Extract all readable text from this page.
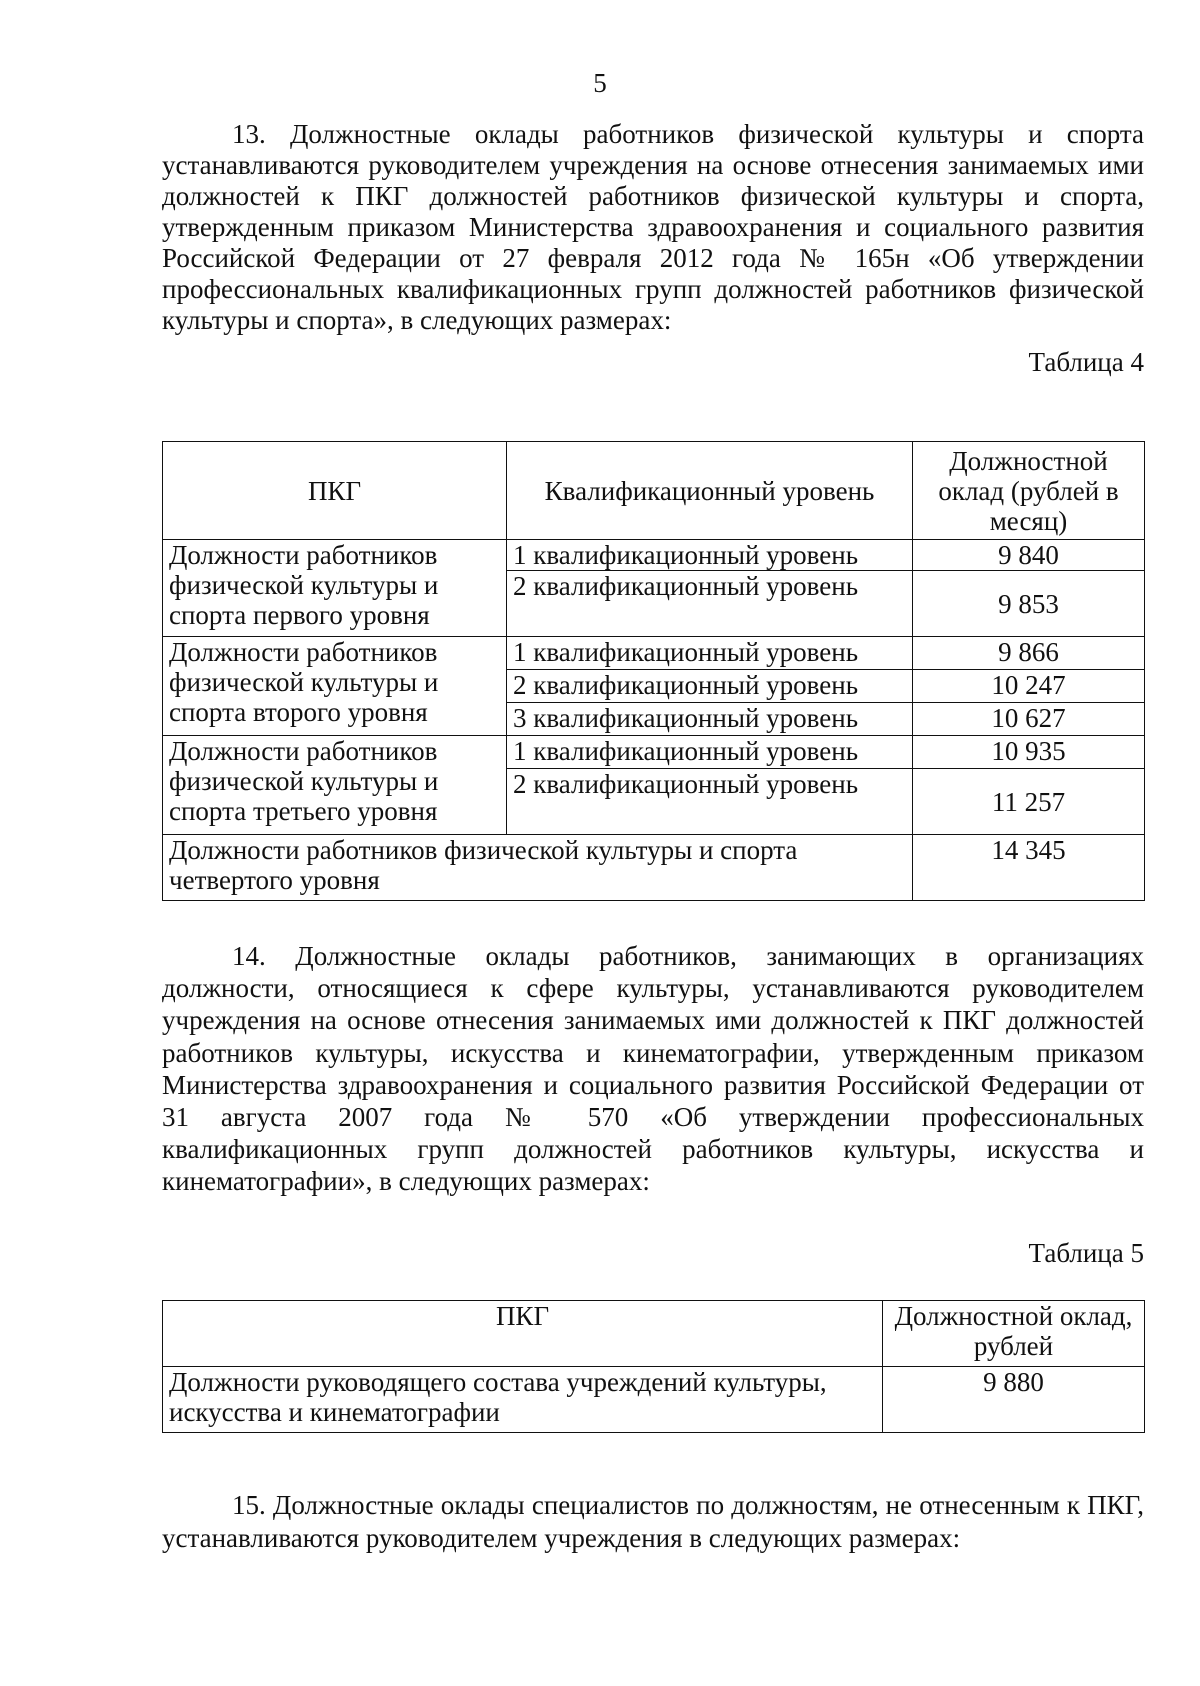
5

13. Должностные оклады работников физической культуры и спорта устанавливаются руководителем учреждения на основе отнесения занимаемых ими должностей к ПКГ должностей работников физической культуры и спорта, утвержденным приказом Министерства здравоохранения и социального развития Российской Федерации от 27 февраля 2012 года № 165н «Об утверждении профессиональных квалификационных групп должностей работников физической культуры и спорта», в следующих размерах:

Таблица 4
ПКГ	Квалификационный уровень	Должностной оклад (рублей в месяц)
Должности работников физической культуры и спорта первого уровня	1 квалификационный уровень	9 840
	2 квалификационный уровень	9 853
Должности работников физической культуры и спорта второго уровня	1 квалификационный уровень	9 866
	2 квалификационный уровень	10 247
	3 квалификационный уровень	10 627
Должности работников физической культуры и спорта третьего уровня	1 квалификационный уровень	10 935
	2 квалификационный уровень	11 257
Должности работников физической культуры и спорта четвертого уровня		14 345

14. Должностные оклады работников, занимающих в организациях должности, относящиеся к сфере культуры, устанавливаются руководителем учреждения на основе отнесения занимаемых ими должностей к ПКГ должностей работников культуры, искусства и кинематографии, утвержденным приказом Министерства здравоохранения и социального развития Российской Федерации от 31 августа 2007 года № 570 «Об утверждении профессиональных квалификационных групп должностей работников культуры, искусства и кинематографии», в следующих размерах:

Таблица 5
ПКГ	Должностной оклад, рублей
Должности руководящего состава учреждений культуры, искусства и кинематографии	9 880

15. Должностные оклады специалистов по должностям, не отнесенным к ПКГ, устанавливаются руководителем учреждения в следующих размерах:
